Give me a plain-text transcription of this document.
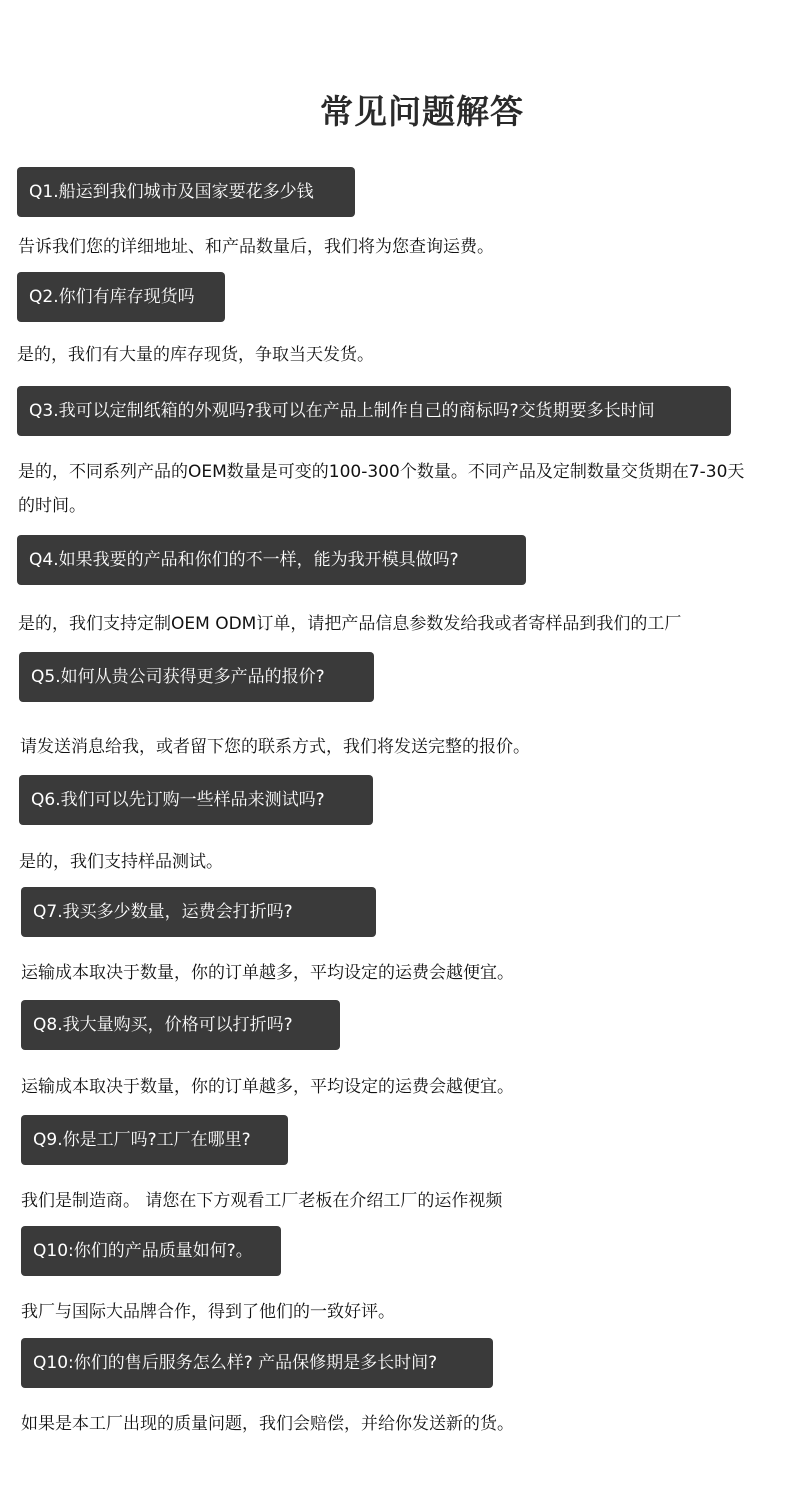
常见问题解答
Q1.船运到我们城市及国家要花多少钱
告诉我们您的详细地址、和产品数量后，我们将为您查询运费。
Q2.你们有库存现货吗
是的，我们有大量的库存现货，争取当天发货。
Q3.我可以定制纸箱的外观吗?我可以在产品上制作自己的商标吗?交货期要多长时间
是的，不同系列产品的OEM数量是可变的100-300个数量。不同产品及定制数量交货期在7-30天的时间。
Q4.如果我要的产品和你们的不一样，能为我开模具做吗?
是的，我们支持定制OEM ODM订单，请把产品信息参数发给我或者寄样品到我们的工厂
Q5.如何从贵公司获得更多产品的报价?
请发送消息给我，或者留下您的联系方式，我们将发送完整的报价。
Q6.我们可以先订购一些样品来测试吗?
是的，我们支持样品测试。
Q7.我买多少数量，运费会打折吗?
运输成本取决于数量，你的订单越多，平均设定的运费会越便宜。
Q8.我大量购买，价格可以打折吗?
运输成本取决于数量，你的订单越多，平均设定的运费会越便宜。
Q9.你是工厂吗?工厂在哪里?
我们是制造商。 请您在下方观看工厂老板在介绍工厂的运作视频
Q10:你们的产品质量如何?。
我厂与国际大品牌合作，得到了他们的一致好评。
Q10:你们的售后服务怎么样? 产品保修期是多长时间?
如果是本工厂出现的质量问题，我们会赔偿，并给你发送新的货。
